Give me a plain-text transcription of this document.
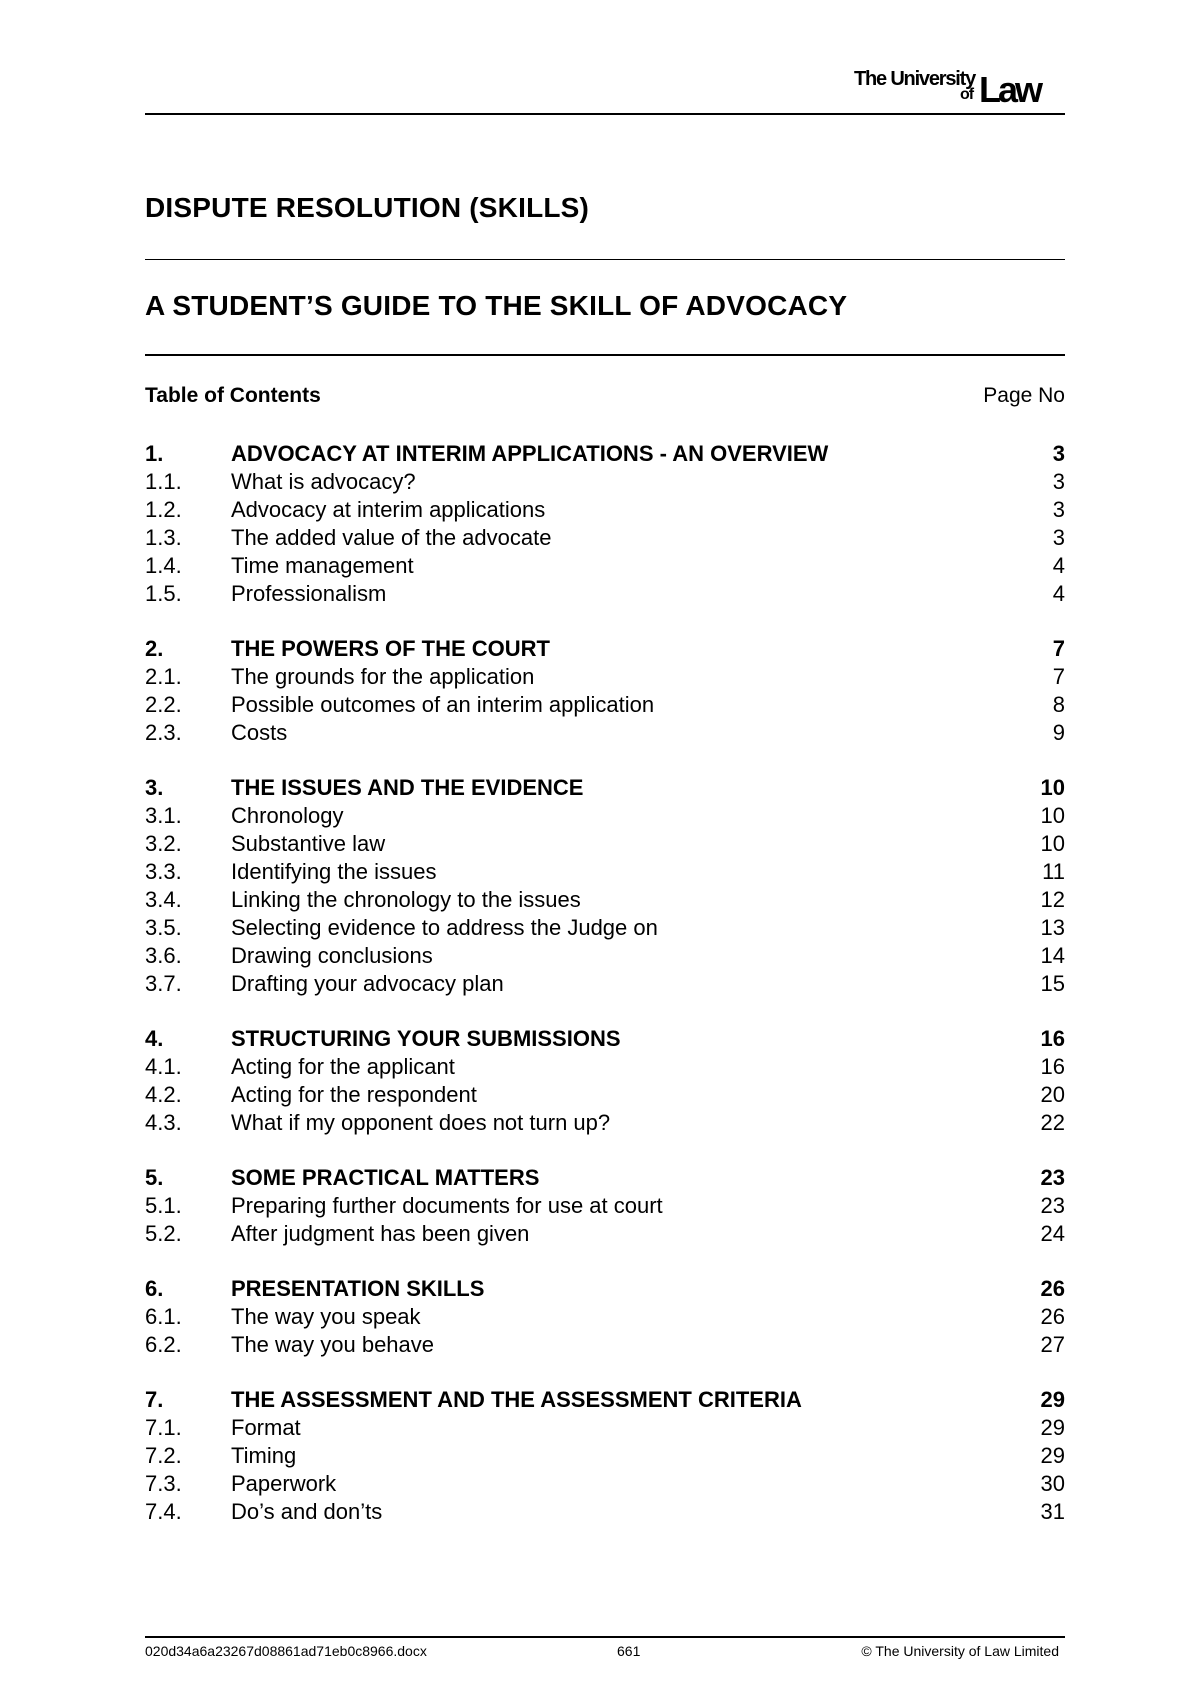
The University
of Law
DISPUTE RESOLUTION (SKILLS)
A STUDENT’S GUIDE TO THE SKILL OF ADVOCACY
Table of Contents	Page No
1.	ADVOCACY AT INTERIM APPLICATIONS - AN OVERVIEW	3
1.1. What is advocacy?	3
1.2. Advocacy at interim applications	3
1.3. The added value of the advocate	3
1.4. Time management	4
1.5. Professionalism	4
2.	THE POWERS OF THE COURT	7
2.1. The grounds for the application	7
2.2. Possible outcomes of an interim application	8
2.3. Costs	9
3.	THE ISSUES AND THE EVIDENCE	10
3.1. Chronology	10
3.2. Substantive law	10
3.3. Identifying the issues	11
3.4. Linking the chronology to the issues	12
3.5. Selecting evidence to address the Judge on	13
3.6. Drawing conclusions	14
3.7. Drafting your advocacy plan	15
4.	STRUCTURING YOUR SUBMISSIONS	16
4.1. Acting for the applicant	16
4.2. Acting for the respondent	20
4.3. What if my opponent does not turn up?	22
5.	SOME PRACTICAL MATTERS	23
5.1. Preparing further documents for use at court	23
5.2. After judgment has been given	24
6.	PRESENTATION SKILLS	26
6.1. The way you speak	26
6.2. The way you behave	27
7.	THE ASSESSMENT AND THE ASSESSMENT CRITERIA	29
7.1. Format	29
7.2. Timing	29
7.3. Paperwork	30
7.4. Do’s and don’ts	31
020d34a6a23267d08861ad71eb0c8966.docx	661	© The University of Law Limited
